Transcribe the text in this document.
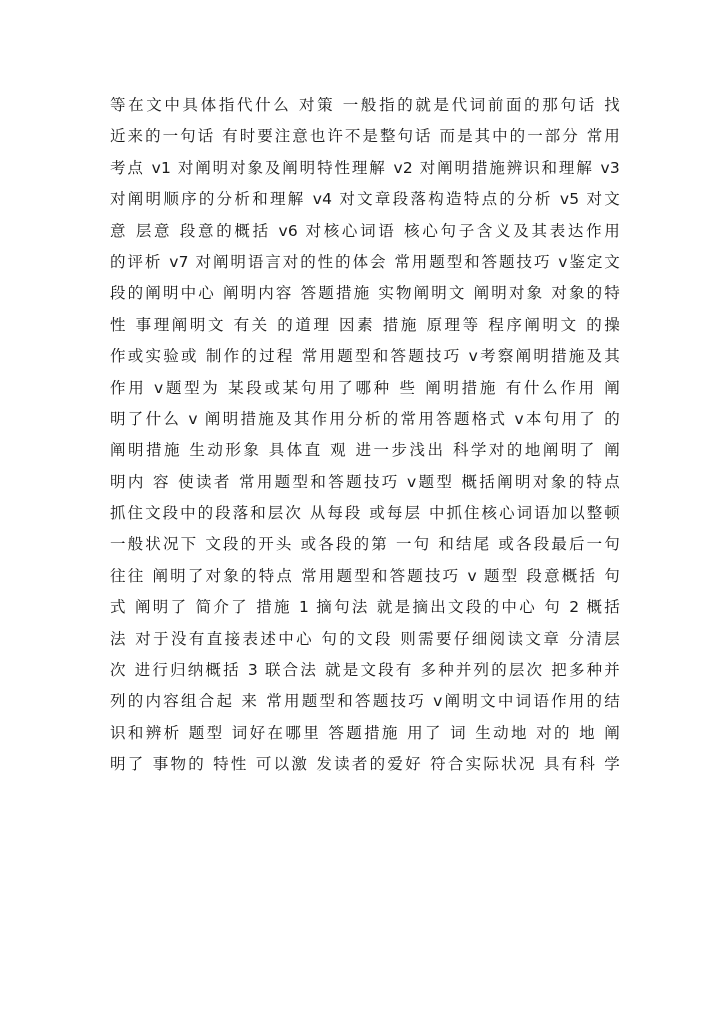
等在文中具体指代什么 对策 一般指的就是代词前面的那句话 找
近来的一句话 有时要注意也许不是整句话 而是其中的一部分 常用
考点 v1 对阐明对象及阐明特性理解 v2 对阐明措施辨识和理解 v3
对阐明顺序的分析和理解 v4 对文章段落构造特点的分析 v5 对文
意 层意 段意的概括 v6 对核心词语 核心句子含义及其表达作用
的评析 v7 对阐明语言对的性的体会 常用题型和答题技巧 v鉴定文
段的阐明中心 阐明内容 答题措施 实物阐明文 阐明对象 对象的特
性 事理阐明文 有关 的道理 因素 措施 原理等 程序阐明文 的操
作或实验或 制作的过程 常用题型和答题技巧 v考察阐明措施及其
作用 v题型为 某段或某句用了哪种 些 阐明措施 有什么作用 阐
明了什么 v 阐明措施及其作用分析的常用答题格式 v本句用了 的
阐明措施 生动形象 具体直 观 进一步浅出 科学对的地阐明了 阐
明内 容 使读者 常用题型和答题技巧 v题型 概括阐明对象的特点
抓住文段中的段落和层次 从每段 或每层 中抓住核心词语加以整顿
一般状况下 文段的开头 或各段的第 一句 和结尾 或各段最后一句
往往 阐明了对象的特点 常用题型和答题技巧 v 题型 段意概括 句
式 阐明了 简介了 措施 1 摘句法 就是摘出文段的中心 句 2 概括
法 对于没有直接表述中心 句的文段 则需要仔细阅读文章 分清层
次 进行归纳概括 3 联合法 就是文段有 多种并列的层次 把多种并
列的内容组合起 来 常用题型和答题技巧 v阐明文中词语作用的结
识和辨析 题型 词好在哪里 答题措施 用了 词 生动地 对的 地 阐
明了 事物的 特性 可以激 发读者的爱好 符合实际状况 具有科 学
